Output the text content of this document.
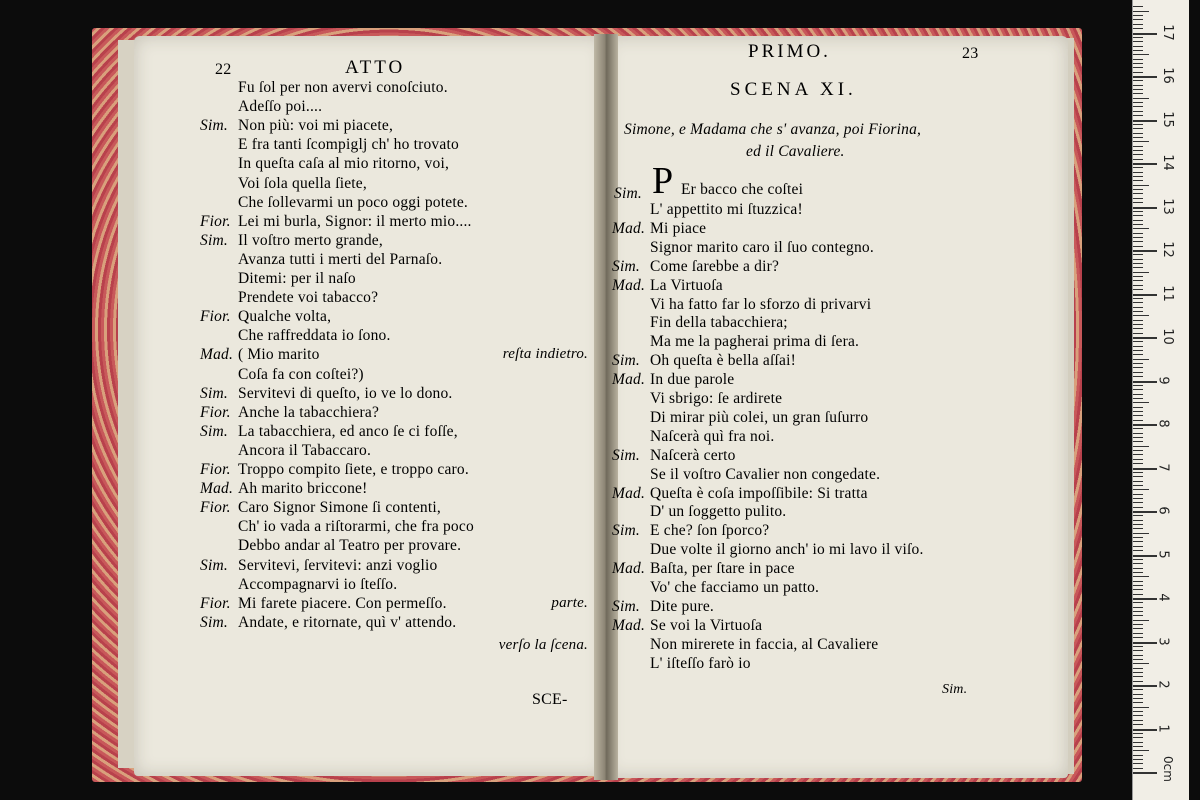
22	ATTO
Fu ſol per non avervi conoſciuto.
Adeſſo poi....
Sim. Non più: voi mi piacete,
E fra tanti ſcompiglj ch' ho trovato
In queſta caſa al mio ritorno, voi,
Voi ſola quella ſiete,
Che ſollevarmi un poco oggi potete.
Fior. Lei mi burla, Signor: il merto mio....
Sim. Il voſtro merto grande,
Avanza tutti i merti del Parnaſo.
Ditemi: per il naſo
Prendete voi tabacco?
Fior. Qualche volta,
Che raffreddata io ſono.
Mad. ( Mio marito	reſta indietro.
Coſa fa con coſtei?)
Sim. Servitevi di queſto, io ve lo dono.
Fior. Anche la tabacchiera?
Sim. La tabacchiera, ed anco ſe ci foſſe,
Ancora il Tabaccaro.
Fior. Troppo compito ſiete, e troppo caro.
Mad. Ah marito briccone!
Fior. Caro Signor Simone ſi contenti,
Ch' io vada a riſtorarmi, che fra poco
Debbo andar al Teatro per provare.
Sim. Servitevi, ſervitevi: anzi voglio
Accompagnarvi io ſteſſo.
Fior. Mi farete piacere. Con permeſſo.	parte.
Sim. Andate, e ritornate, quì v' attendo.
verſo la ſcena.
SCE-
PRIMO.	23
SCENA XI.
Simone, e Madama che s' avanza, poi Fiorina,
ed il Cavaliere.
Sim. P Er bacco che coſtei
L' appettito mi ſtuzzica!
Mad. Mi piace
Signor marito caro il ſuo contegno.
Sim. Come ſarebbe a dir?
Mad. La Virtuoſa
Vi ha fatto far lo sforzo di privarvi
Fin della tabacchiera;
Ma me la pagherai prima di ſera.
Sim. Oh queſta è bella aſſai!
Mad. In due parole
Vi sbrigo: ſe ardirete
Di mirar più colei, un gran ſuſurro
Naſcerà quì fra noi.
Sim. Naſcerà certo
Se il voſtro Cavalier non congedate.
Mad. Queſta è coſa impoſſibile: Si tratta
D' un ſoggetto pulito.
Sim. E che? ſon ſporco?
Due volte il giorno anch' io mi lavo il viſo.
Mad. Baſta, per ſtare in pace
Vo' che facciamo un patto.
Sim. Dite pure.
Mad. Se voi la Virtuoſa
Non mirerete in faccia, al Cavaliere
L' iſteſſo farò io
Sim.
0cm
1
2
3
4
5
6
7
8
9
10
11
12
13
14
15
16
17
